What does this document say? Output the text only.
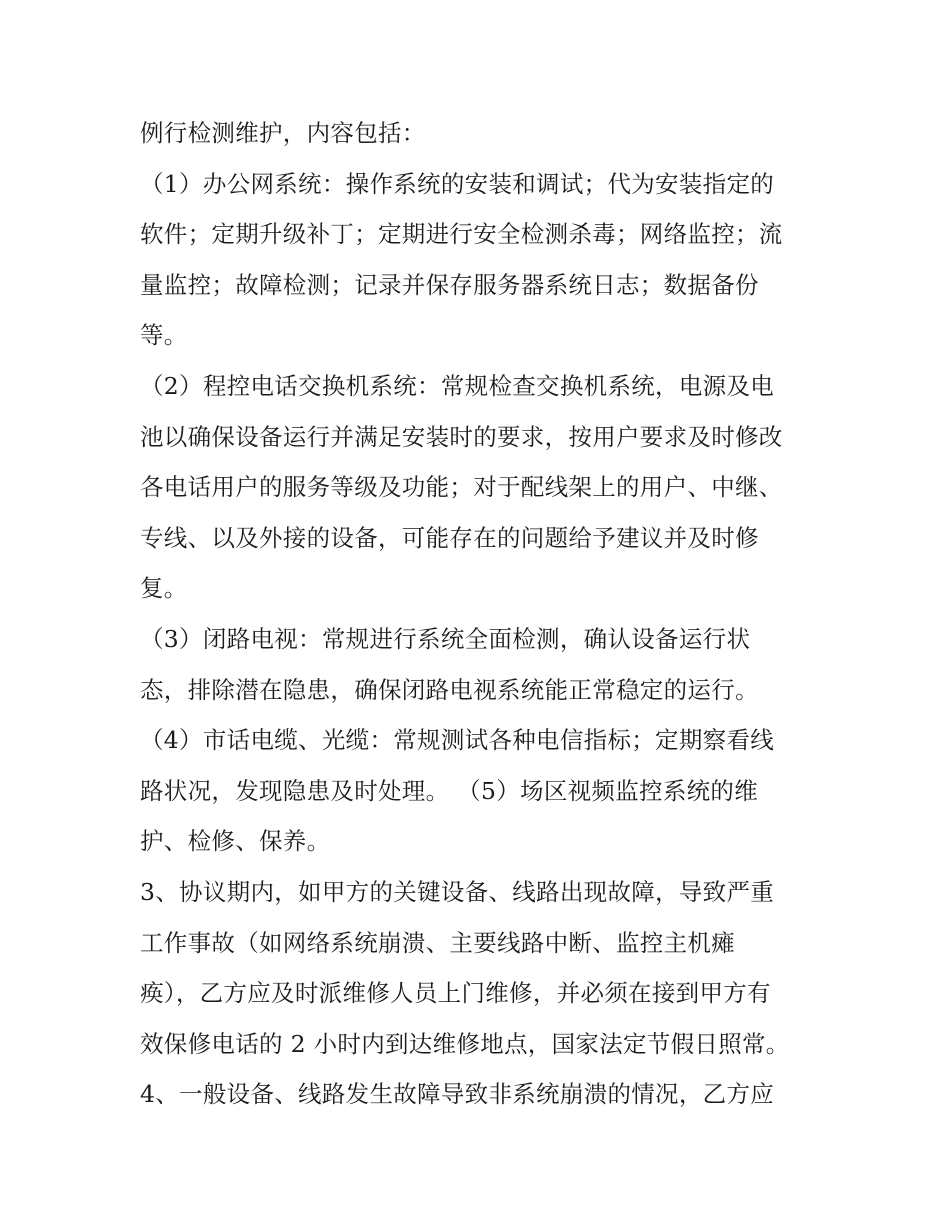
例行检测维护，内容包括：
（1）办公网系统：操作系统的安装和调试；代为安装指定的
软件；定期升级补丁；定期进行安全检测杀毒；网络监控；流
量监控；故障检测；记录并保存服务器系统日志；数据备份
等。
（2）程控电话交换机系统：常规检查交换机系统，电源及电
池以确保设备运行并满足安装时的要求，按用户要求及时修改
各电话用户的服务等级及功能；对于配线架上的用户、中继、
专线、以及外接的设备，可能存在的问题给予建议并及时修
复。
（3）闭路电视：常规进行系统全面检测，确认设备运行状
态，排除潜在隐患，确保闭路电视系统能正常稳定的运行。
（4）市话电缆、光缆：常规测试各种电信指标；定期察看线
路状况，发现隐患及时处理。 （5）场区视频监控系统的维
护、检修、保养。
3、协议期内，如甲方的关键设备、线路出现故障，导致严重
工作事故（如网络系统崩溃、主要线路中断、监控主机瘫
痪），乙方应及时派维修人员上门维修，并必须在接到甲方有
效保修电话的 2 小时内到达维修地点，国家法定节假日照常。
4、一般设备、线路发生故障导致非系统崩溃的情况，乙方应
